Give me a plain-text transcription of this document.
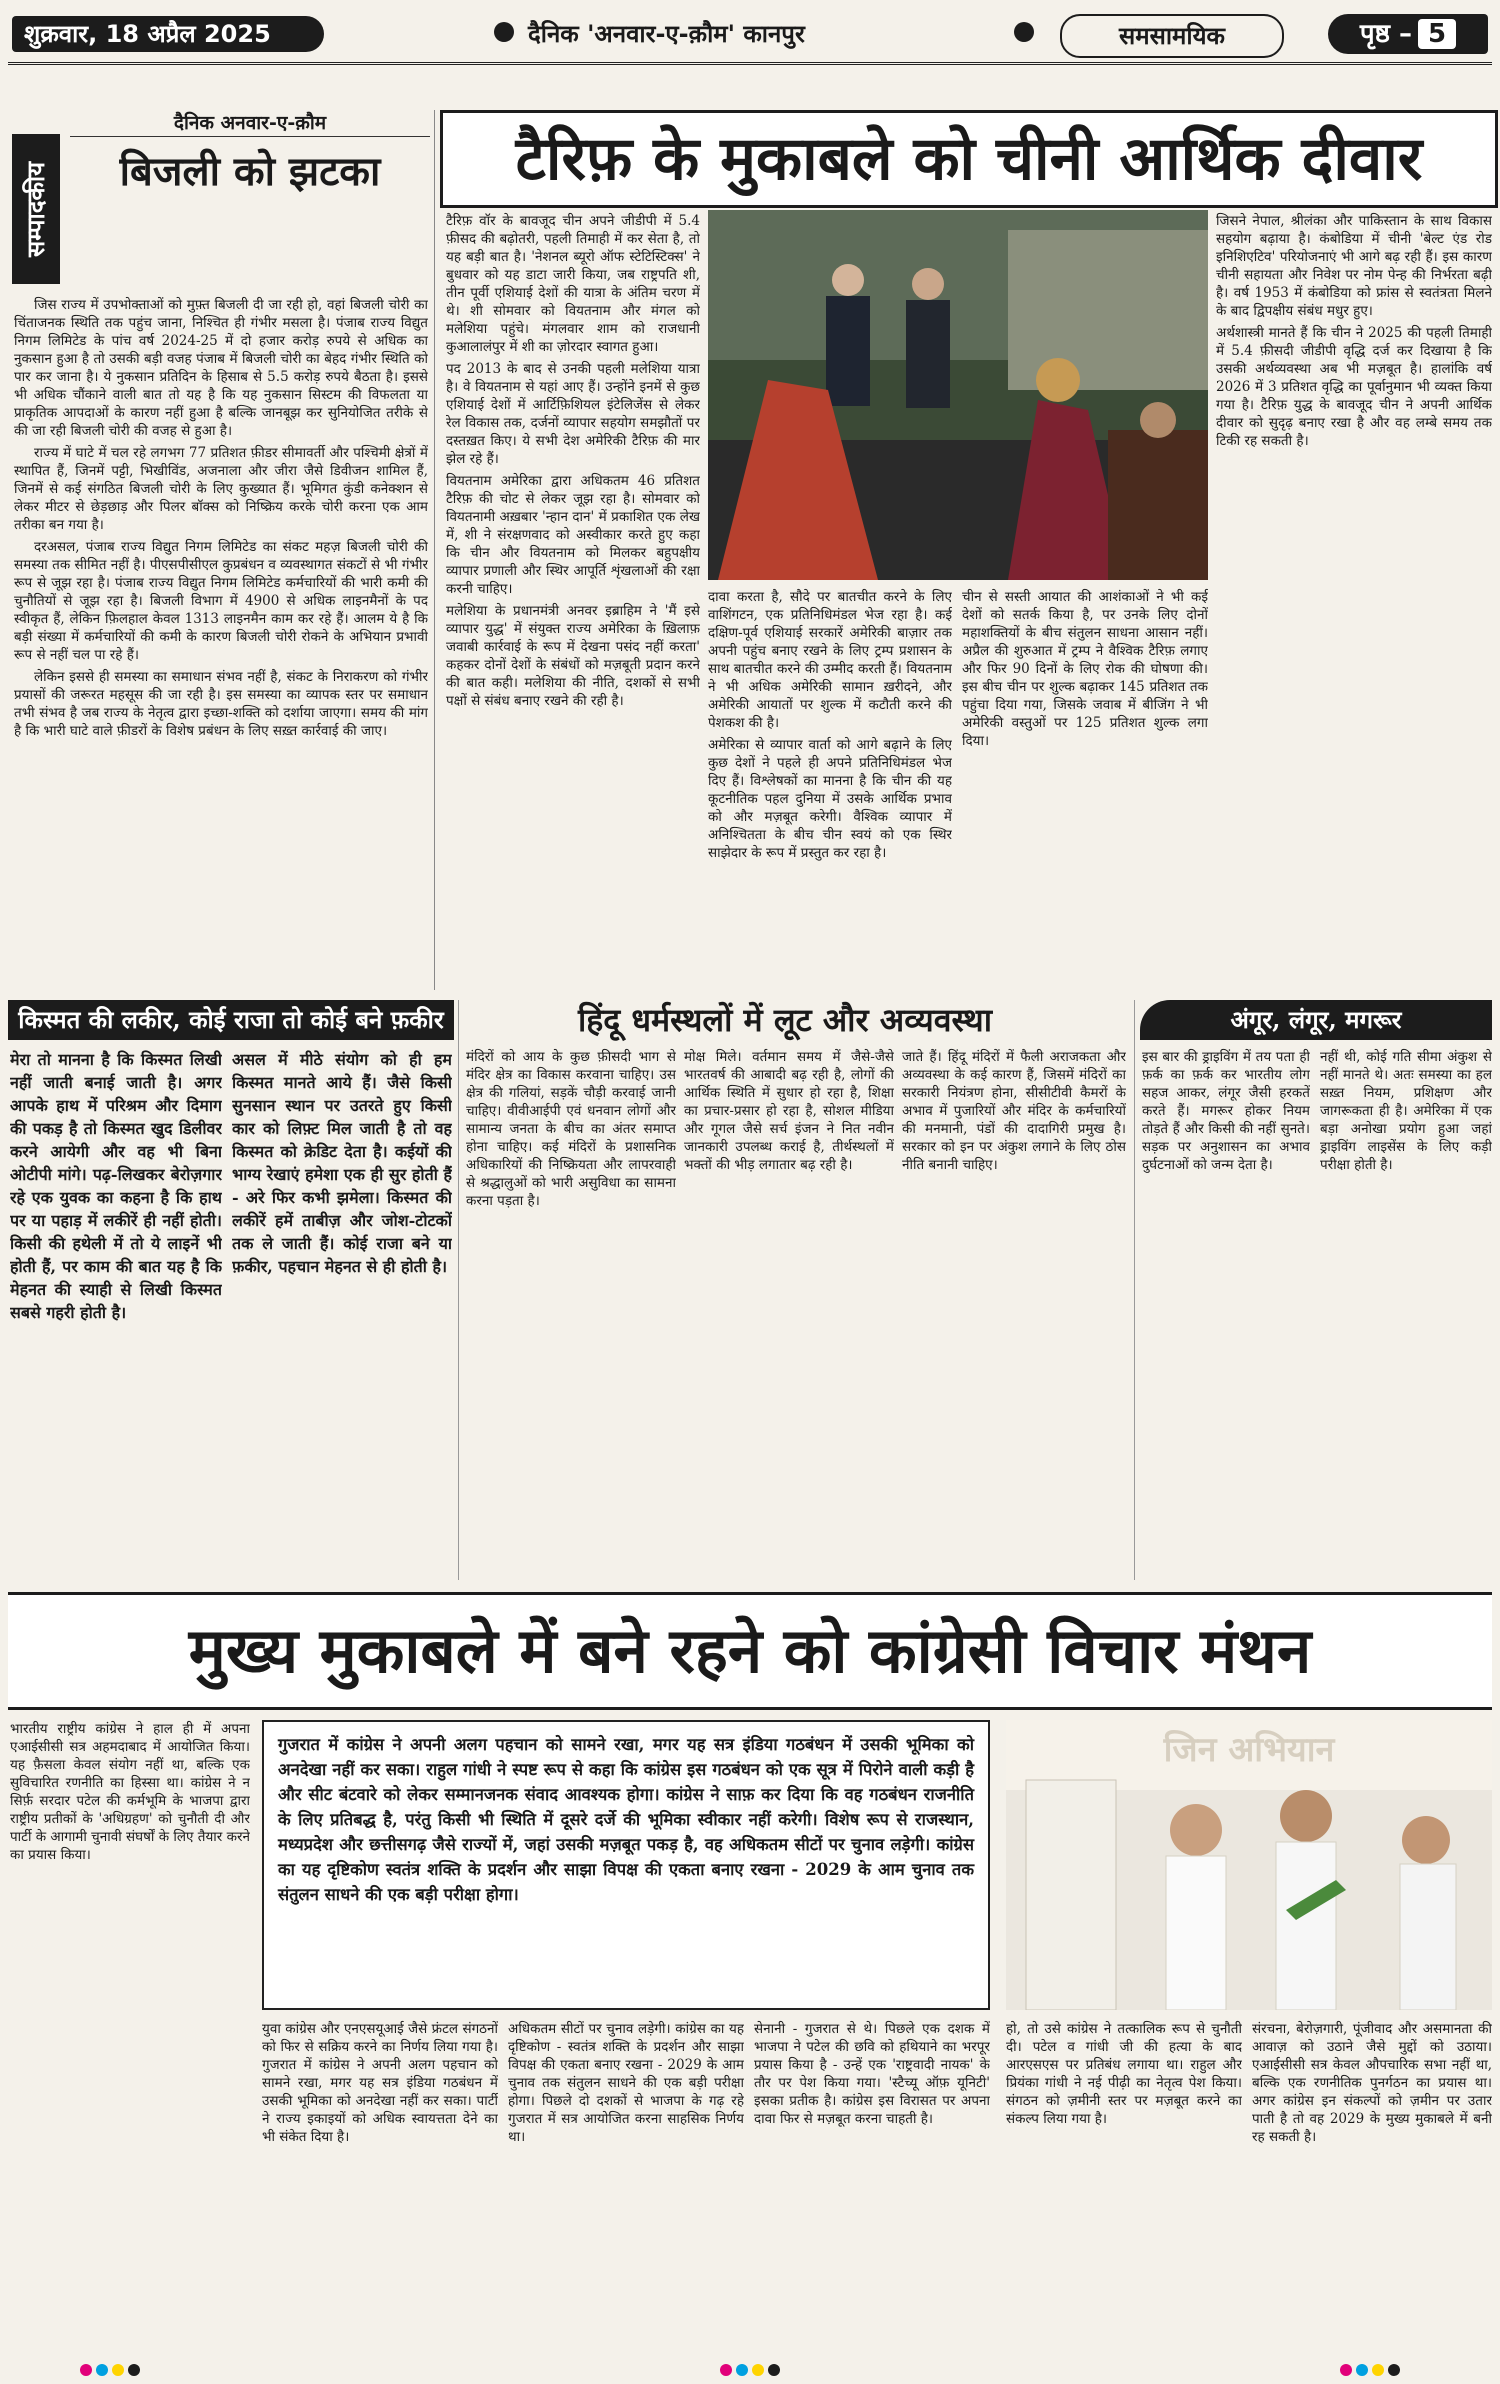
शुक्रवार, 18 अप्रैल 2025	दैनिक 'अनवार-ए-क़ौम' कानपुर	समसामयिक	पृष्ठ – 5
दैनिक अनवार-ए-क़ौम
सम्पादकीय	बिजली को झटका

जिस राज्य में उपभोक्ताओं को मुफ़्त बिजली दी जा रही हो, वहां बिजली चोरी का चिंताजनक स्थिति तक पहुंच जाना, निश्चित ही गंभीर मसला है। पंजाब राज्य विद्युत निगम लिमिटेड के पांच वर्ष 2024-25 में दो हजार करोड़ रुपये से अधिक का नुकसान हुआ है तो उसकी बड़ी वजह पंजाब में बिजली चोरी का बेहद गंभीर स्थिति को पार कर जाना है। ये नुकसान प्रतिदिन के हिसाब से 5.5 करोड़ रुपये बैठता है। इससे भी अधिक चौंकाने वाली बात तो यह है कि यह नुकसान सिस्टम की विफलता या प्राकृतिक आपदाओं के कारण नहीं हुआ है बल्कि जानबूझ कर सुनियोजित तरीके से की जा रही बिजली चोरी की वजह से हुआ है।

राज्य में घाटे में चल रहे लगभग 77 प्रतिशत फ़ीडर सीमावर्ती और पश्चिमी क्षेत्रों में स्थापित हैं, जिनमें पट्टी, भिखीविंड, अजनाला और जीरा जैसे डिवीजन शामिल हैं, जिनमें से कई संगठित बिजली चोरी के लिए कुख्यात हैं। भूमिगत कुंडी कनेक्शन से लेकर मीटर से छेड़छाड़ और पिलर बॉक्स को निष्क्रिय करके चोरी करना एक आम तरीका बन गया है।

दरअसल, पंजाब राज्य विद्युत निगम लिमिटेड का संकट महज़ बिजली चोरी की समस्या तक सीमित नहीं है। पीएसपीसीएल कुप्रबंधन व व्यवस्थागत संकटों से भी गंभीर रूप से जूझ रहा है। पंजाब राज्य विद्युत निगम लिमिटेड कर्मचारियों की भारी कमी की चुनौतियों से जूझ रहा है। बिजली विभाग में 4900 से अधिक लाइनमैनों के पद स्वीकृत हैं, लेकिन फ़िलहाल केवल 1313 लाइनमैन काम कर रहे हैं। आलम ये है कि बड़ी संख्या में कर्मचारियों की कमी के कारण बिजली चोरी रोकने के अभियान प्रभावी रूप से नहीं चल पा रहे हैं।

लेकिन इससे ही समस्या का समाधान संभव नहीं है, संकट के निराकरण को गंभीर प्रयासों की जरूरत महसूस की जा रही है। इस समस्या का व्यापक स्तर पर समाधान तभी संभव है जब राज्य के नेतृत्व द्वारा इच्छा-शक्ति को दर्शाया जाएगा। समय की मांग है कि भारी घाटे वाले फ़ीडरों के विशेष प्रबंधन के लिए सख़्त कार्रवाई की जाए।

टैरिफ़ के मुकाबले को चीनी आर्थिक दीवार

टैरिफ़ वॉर के बावजूद चीन अपने जीडीपी में 5.4 फ़ीसद की बढ़ोतरी, पहली तिमाही में कर सेता है, तो यह बड़ी बात है। 'नेशनल ब्यूरो ऑफ स्टेटिस्टिक्स' ने बुधवार को यह डाटा जारी किया, जब राष्ट्रपति शी, तीन पूर्वी एशियाई देशों की यात्रा के अंतिम चरण में थे। शी सोमवार को वियतनाम और मंगल को मलेशिया पहुंचे। मंगलवार शाम को राजधानी कुआलालंपुर में शी का ज़ोरदार स्वागत हुआ।

पद 2013 के बाद से उनकी पहली मलेशिया यात्रा है। वे वियतनाम से यहां आए हैं। उन्होंने इनमें से कुछ एशियाई देशों में आर्टिफ़िशियल इंटेलिजेंस से लेकर रेल विकास तक, दर्जनों व्यापार सहयोग समझौतों पर दस्तख़त किए। ये सभी देश अमेरिकी टैरिफ़ की मार झेल रहे हैं।

वियतनाम अमेरिका द्वारा अधिकतम 46 प्रतिशत टैरिफ़ की चोट से लेकर जूझ रहा है। सोमवार को वियतनामी अख़बार 'न्हान दान' में प्रकाशित एक लेख में, शी ने संरक्षणवाद को अस्वीकार करते हुए कहा कि चीन और वियतनाम को मिलकर बहुपक्षीय व्यापार प्रणाली और स्थिर आपूर्ति शृंखलाओं की रक्षा करनी चाहिए।

मलेशिया के प्रधानमंत्री अनवर इब्राहिम ने 'मैं इसे व्यापार युद्ध' में संयुक्त राज्य अमेरिका के ख़िलाफ़ जवाबी कार्रवाई के रूप में देखना पसंद नहीं करता' कहकर दोनों देशों के संबंधों को मज़बूती प्रदान करने की बात कही। मलेशिया की नीति, दशकों से सभी पक्षों से संबंध बनाए रखने की रही है।

दावा करता है, सौदे पर बातचीत करने के लिए वाशिंगटन, एक प्रतिनिधिमंडल भेज रहा है। कई दक्षिण-पूर्व एशियाई सरकारें अमेरिकी बाज़ार तक अपनी पहुंच बनाए रखने के लिए ट्रम्प प्रशासन के साथ बातचीत करने की उम्मीद करती हैं। वियतनाम ने भी अधिक अमेरिकी सामान ख़रीदने, और अमेरिकी आयातों पर शुल्क में कटौती करने की पेशकश की है।

अमेरिका से व्यापार वार्ता को आगे बढ़ाने के लिए कुछ देशों ने पहले ही अपने प्रतिनिधिमंडल भेज दिए हैं। विश्लेषकों का मानना है कि चीन की यह कूटनीतिक पहल दुनिया में उसके आर्थिक प्रभाव को और मज़बूत करेगी। वैश्विक व्यापार में अनिश्चितता के बीच चीन स्वयं को एक स्थिर साझेदार के रूप में प्रस्तुत कर रहा है।

चीन से सस्ती आयात की आशंकाओं ने भी कई देशों को सतर्क किया है, पर उनके लिए दोनों महाशक्तियों के बीच संतुलन साधना आसान नहीं। अप्रैल की शुरुआत में ट्रम्प ने वैश्विक टैरिफ़ लगाए और फिर 90 दिनों के लिए रोक की घोषणा की। इस बीच चीन पर शुल्क बढ़ाकर 145 प्रतिशत तक पहुंचा दिया गया, जिसके जवाब में बीजिंग ने भी अमेरिकी वस्तुओं पर 125 प्रतिशत शुल्क लगा दिया।

जिसने नेपाल, श्रीलंका और पाकिस्तान के साथ विकास सहयोग बढ़ाया है। कंबोडिया में चीनी 'बेल्ट एंड रोड इनिशिएटिव' परियोजनाएं भी आगे बढ़ रही हैं। इस कारण चीनी सहायता और निवेश पर नोम पेन्ह की निर्भरता बढ़ी है। वर्ष 1953 में कंबोडिया को फ्रांस से स्वतंत्रता मिलने के बाद द्विपक्षीय संबंध मधुर हुए।

अर्थशास्त्री मानते हैं कि चीन ने 2025 की पहली तिमाही में 5.4 फ़ीसदी जीडीपी वृद्धि दर्ज कर दिखाया है कि उसकी अर्थव्यवस्था अब भी मज़बूत है। हालांकि वर्ष 2026 में 3 प्रतिशत वृद्धि का पूर्वानुमान भी व्यक्त किया गया है। टैरिफ़ युद्ध के बावजूद चीन ने अपनी आर्थिक दीवार को सुदृढ़ बनाए रखा है और वह लम्बे समय तक टिकी रह सकती है।

किस्मत की लकीर, कोई राजा तो कोई बने फ़कीर	हिंदू धर्मस्थलों में लूट और अव्यवस्था	अंगूर, लंगूर, मगरूर

मेरा तो मानना है कि किस्मत लिखी नहीं जाती बनाई जाती है। अगर आपके हाथ में परिश्रम और दिमाग की पकड़ है तो किस्मत खुद डिलीवर करने आयेगी और वह भी बिना ओटीपी मांगे। पढ़-लिखकर बेरोज़गार रहे एक युवक का कहना है कि हाथ पर या पहाड़ में लकीरें ही नहीं होती। किसी की हथेली में तो ये लाइनें भी होती हैं, पर काम की बात यह है कि मेहनत की स्याही से लिखी किस्मत सबसे गहरी होती है।

असल में मीठे संयोग को ही हम किस्मत मानते आये हैं। जैसे किसी सुनसान स्थान पर उतरते हुए किसी कार को लिफ़्ट मिल जाती है तो वह किस्मत को क्रेडिट देता है। कईयों की भाग्य रेखाएं हमेशा एक ही सुर होती हैं - अरे फिर कभी झमेला। किस्मत की लकीरें हमें ताबीज़ और जोश-टोटकों तक ले जाती हैं। कोई राजा बने या फ़कीर, पहचान मेहनत से ही होती है।

मंदिरों को आय के कुछ फ़ीसदी भाग से मंदिर क्षेत्र का विकास करवाना चाहिए। उस क्षेत्र की गलियां, सड़कें चौड़ी करवाई जानी चाहिए। वीवीआईपी एवं धनवान लोगों और सामान्य जनता के बीच का अंतर समाप्त होना चाहिए। कई मंदिरों के प्रशासनिक अधिकारियों की निष्क्रियता और लापरवाही से श्रद्धालुओं को भारी असुविधा का सामना करना पड़ता है।

मोक्ष मिले। वर्तमान समय में जैसे-जैसे भारतवर्ष की आबादी बढ़ रही है, लोगों की आर्थिक स्थिति में सुधार हो रहा है, शिक्षा का प्रचार-प्रसार हो रहा है, सोशल मीडिया और गूगल जैसे सर्च इंजन ने नित नवीन जानकारी उपलब्ध कराई है, तीर्थस्थलों में भक्तों की भीड़ लगातार बढ़ रही है।

जाते हैं। हिंदू मंदिरों में फैली अराजकता और अव्यवस्था के कई कारण हैं, जिसमें मंदिरों का सरकारी नियंत्रण होना, सीसीटीवी कैमरों के अभाव में पुजारियों और मंदिर के कर्मचारियों की मनमानी, पंडों की दादागिरी प्रमुख है। सरकार को इन पर अंकुश लगाने के लिए ठोस नीति बनानी चाहिए।

इस बार की ड्राइविंग में तय पता ही फ़र्क का फ़र्क कर भारतीय लोग सहज आकर, लंगूर जैसी हरकतें करते हैं। मगरूर होकर नियम तोड़ते हैं और किसी की नहीं सुनते। सड़क पर अनुशासन का अभाव दुर्घटनाओं को जन्म देता है।

नहीं थी, कोई गति सीमा अंकुश से नहीं मानते थे। अतः समस्या का हल सख़्त नियम, प्रशिक्षण और जागरूकता ही है। अमेरिका में एक बड़ा अनोखा प्रयोग हुआ जहां ड्राइविंग लाइसेंस के लिए कड़ी परीक्षा होती है।

मुख्य मुकाबले में बने रहने को कांग्रेसी विचार मंथन

भारतीय राष्ट्रीय कांग्रेस ने हाल ही में अपना एआईसीसी सत्र अहमदाबाद में आयोजित किया। यह फ़ैसला केवल संयोग नहीं था, बल्कि एक सुविचारित रणनीति का हिस्सा था। कांग्रेस ने न सिर्फ़ सरदार पटेल की कर्मभूमि के भाजपा द्वारा राष्ट्रीय प्रतीकों के 'अधिग्रहण' को चुनौती दी और पार्टी के आगामी चुनावी संघर्षों के लिए तैयार करने का प्रयास किया।

गुजरात में कांग्रेस ने अपनी अलग पहचान को सामने रखा, मगर यह सत्र इंडिया गठबंधन में उसकी भूमिका को अनदेखा नहीं कर सका। राहुल गांधी ने स्पष्ट रूप से कहा कि कांग्रेस इस गठबंधन को एक सूत्र में पिरोने वाली कड़ी है और सीट बंटवारे को लेकर सम्मानजनक संवाद आवश्यक होगा। कांग्रेस ने साफ़ कर दिया कि वह गठबंधन राजनीति के लिए प्रतिबद्ध है, परंतु किसी भी स्थिति में दूसरे दर्जे की भूमिका स्वीकार नहीं करेगी। विशेष रूप से राजस्थान, मध्यप्रदेश और छत्तीसगढ़ जैसे राज्यों में, जहां उसकी मज़बूत पकड़ है, वह अधिकतम सीटों पर चुनाव लड़ेगी। कांग्रेस का यह दृष्टिकोण स्वतंत्र शक्ति के प्रदर्शन और साझा विपक्ष की एकता बनाए रखना - 2029 के आम चुनाव तक संतुलन साधने की एक बड़ी परीक्षा होगा।
जिन अभियान

युवा कांग्रेस और एनएसयूआई जैसे फ्रंटल संगठनों को फिर से सक्रिय करने का निर्णय लिया गया है। गुजरात में कांग्रेस ने अपनी अलग पहचान को सामने रखा, मगर यह सत्र इंडिया गठबंधन में उसकी भूमिका को अनदेखा नहीं कर सका। पार्टी ने राज्य इकाइयों को अधिक स्वायत्तता देने का भी संकेत दिया है।

अधिकतम सीटों पर चुनाव लड़ेगी। कांग्रेस का यह दृष्टिकोण - स्वतंत्र शक्ति के प्रदर्शन और साझा विपक्ष की एकता बनाए रखना - 2029 के आम चुनाव तक संतुलन साधने की एक बड़ी परीक्षा होगा। पिछले दो दशकों से भाजपा के गढ़ रहे गुजरात में सत्र आयोजित करना साहसिक निर्णय था।

सेनानी - गुजरात से थे। पिछले एक दशक में भाजपा ने पटेल की छवि को हथियाने का भरपूर प्रयास किया है - उन्हें एक 'राष्ट्रवादी नायक' के तौर पर पेश किया गया। 'स्टैच्यू ऑफ़ यूनिटी' इसका प्रतीक है। कांग्रेस इस विरासत पर अपना दावा फिर से मज़बूत करना चाहती है।

हो, तो उसे कांग्रेस ने तत्कालिक रूप से चुनौती दी। पटेल व गांधी जी की हत्या के बाद आरएसएस पर प्रतिबंध लगाया था। राहुल और प्रियंका गांधी ने नई पीढ़ी का नेतृत्व पेश किया। संगठन को ज़मीनी स्तर पर मज़बूत करने का संकल्प लिया गया है।

संरचना, बेरोज़गारी, पूंजीवाद और असमानता की आवाज़ को उठाने जैसे मुद्दों को उठाया। एआईसीसी सत्र केवल औपचारिक सभा नहीं था, बल्कि एक रणनीतिक पुनर्गठन का प्रयास था। अगर कांग्रेस इन संकल्पों को ज़मीन पर उतार पाती है तो वह 2029 के मुख्य मुकाबले में बनी रह सकती है।
